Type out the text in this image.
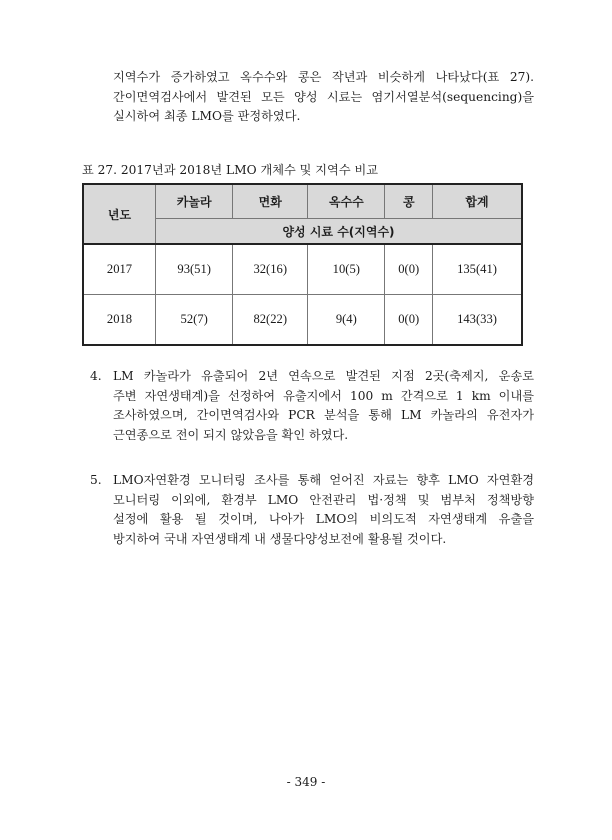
지역수가 증가하였고 옥수수와 콩은 작년과 비슷하게 나타났다(표 27).
간이면역검사에서 발견된 모든 양성 시료는 염기서열분석(sequencing)을
실시하여 최종 LMO를 판정하였다.
표 27. 2017년과 2018년 LMO 개체수 및 지역수 비교
년도	카놀라	면화	옥수수	콩	합계
	양성 시료 수(지역수)				
2017	93(51)	32(16)	10(5)	0(0)	135(41)
2018	52(7)	82(22)	9(4)	0(0)	143(33)
4. LM 카놀라가 유출되어 2년 연속으로 발견된 지점 2곳(축제지, 운송로
주변 자연생태계)을 선정하여 유출지에서 100 m 간격으로 1 km 이내를
조사하였으며, 간이면역검사와 PCR 분석을 통해 LM 카놀라의 유전자가
근연종으로 전이 되지 않았음을 확인 하였다.
5. LMO자연환경 모니터링 조사를 통해 얻어진 자료는 향후 LMO 자연환경
모니터링 이외에, 환경부 LMO 안전관리 법·정책 및 범부처 정책방향
설정에 활용 될 것이며, 나아가 LMO의 비의도적 자연생태계 유출을
방지하여 국내 자연생태계 내 생물다양성보전에 활용될 것이다.
- 349 -
